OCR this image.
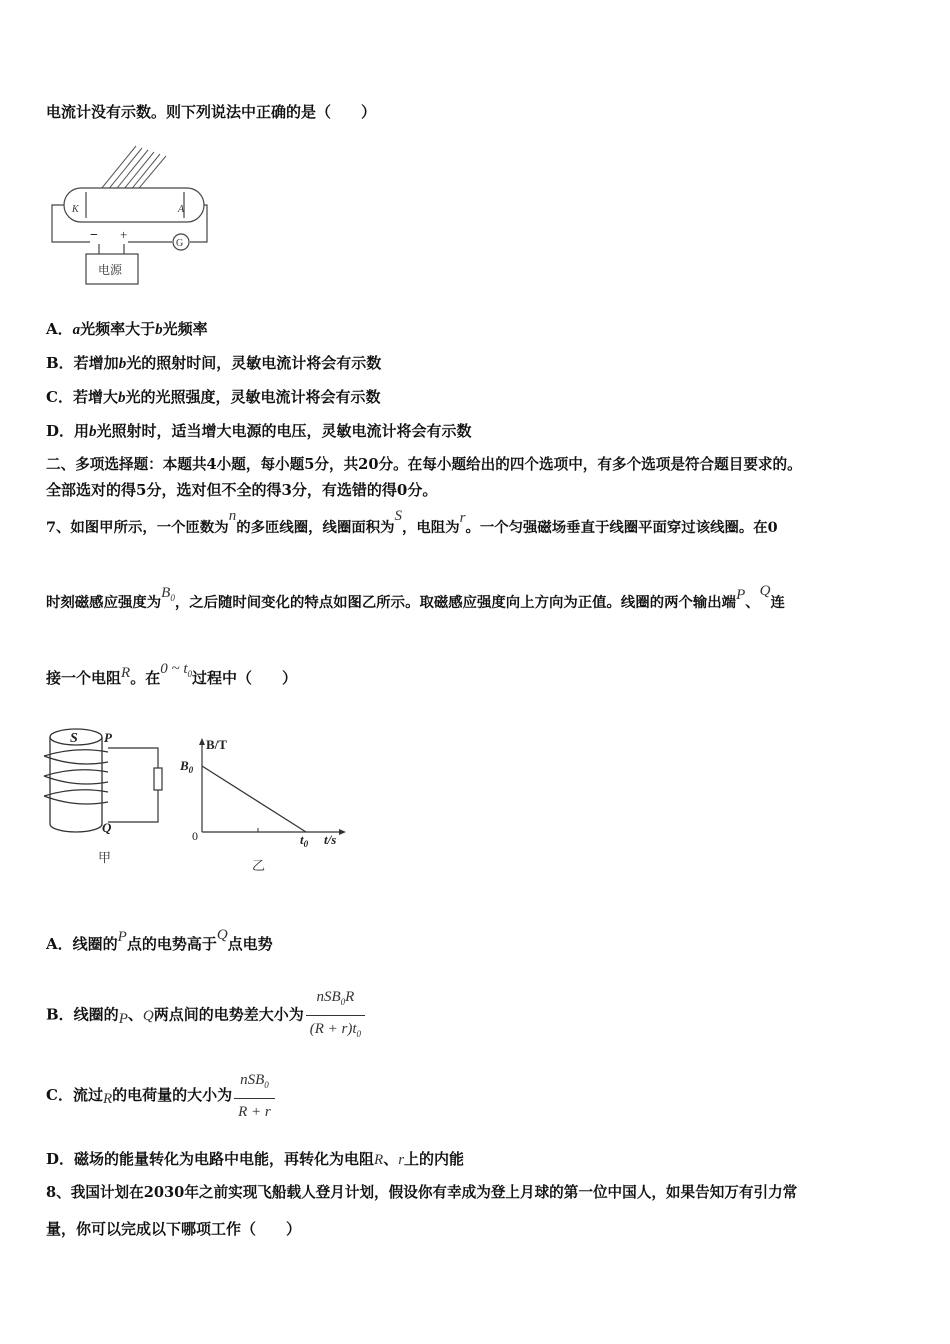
电流计没有示数。则下列说法中正确的是（　　）
K	A
G
− +
电源
A．a光频率大于b光频率
B．若增加b光的照射时间，灵敏电流计将会有示数
C．若增大b光的光照强度，灵敏电流计将会有示数
D．用b光照射时，适当增大电源的电压，灵敏电流计将会有示数
二、多项选择题：本题共4小题，每小题5分，共20分。在每小题给出的四个选项中，有多个选项是符合题目要求的。
全部选对的得5分，选对但不全的得3分，有选错的得0分。
7、如图甲所示，一个匝数为n的多匝线圈，线圈面积为S，电阻为r。一个匀强磁场垂直于线圈平面穿过该线圈。在0
时刻磁感应强度为$B_0$，之后随时间变化的特点如图乙所示。取磁感应强度向上方向为正值。线圈的两个输出端P、Q连
接一个电阻R。在0 ~ $t_0$过程中（　　）
S P
Q
甲
B/T
$B_0$
0	$t_0$ t/s
乙
A．线圈的P点的电势高于Q点电势
B．线圈的P、Q两点间的电势差大小为 $\frac{nSB_0R}{(R + r)t_0}$
C．流过R的电荷量的大小为 $\frac{nSB_0}{R + r}$
D．磁场的能量转化为电路中电能，再转化为电阻R、r上的内能
8、我国计划在2030年之前实现飞船载人登月计划，假设你有幸成为登上月球的第一位中国人，如果告知万有引力常
量，你可以完成以下哪项工作（　　）
